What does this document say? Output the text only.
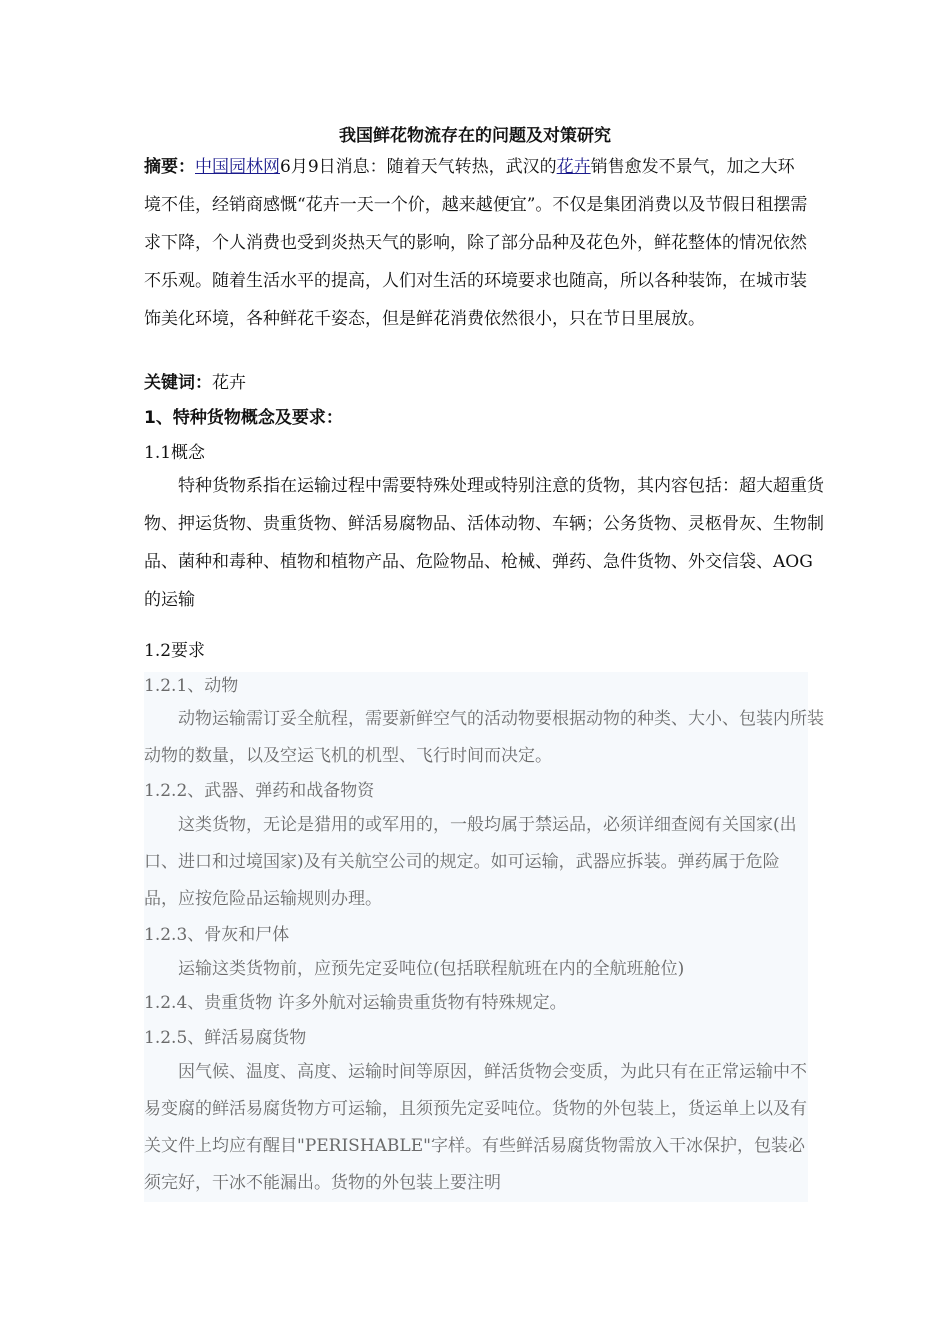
我国鲜花物流存在的问题及对策研究

摘要：中国园林网6月9日消息：随着天气转热，武汉的花卉销售愈发不景气，加之大环境不佳，经销商感慨“花卉一天一个价，越来越便宜”。不仅是集团消费以及节假日租摆需求下降，个人消费也受到炎热天气的影响，除了部分品种及花色外，鲜花整体的情况依然不乐观。随着生活水平的提高，人们对生活的环境要求也随高，所以各种装饰，在城市装饰美化环境，各种鲜花千姿态，但是鲜花消费依然很小，只在节日里展放。

关键词：花卉

1、特种货物概念及要求：

1.1概念

特种货物系指在运输过程中需要特殊处理或特别注意的货物，其内容包括：超大超重货物、押运货物、贵重货物、鲜活易腐物品、活体动物、车辆；公务货物、灵柩骨灰、生物制品、菌种和毒种、植物和植物产品、危险物品、枪械、弹药、急件货物、外交信袋、AOG的运输

1.2要求

1.2.1、动物

动物运输需订妥全航程，需要新鲜空气的活动物要根据动物的种类、大小、包装内所装动物的数量，以及空运飞机的机型、飞行时间而决定。

1.2.2、武器、弹药和战备物资

这类货物，无论是猎用的或军用的，一般均属于禁运品，必须详细查阅有关国家(出口、进口和过境国家)及有关航空公司的规定。如可运输，武器应拆装。弹药属于危险品，应按危险品运输规则办理。

1.2.3、骨灰和尸体

运输这类货物前，应预先定妥吨位(包括联程航班在内的全航班舱位)

1.2.4、贵重货物 许多外航对运输贵重货物有特殊规定。

1.2.5、鲜活易腐货物

因气候、温度、高度、运输时间等原因，鲜活货物会变质，为此只有在正常运输中不易变腐的鲜活易腐货物方可运输，且须预先定妥吨位。货物的外包装上，货运单上以及有关文件上均应有醒目"PERISHABLE"字样。有些鲜活易腐货物需放入干冰保护，包装必须完好，干冰不能漏出。货物的外包装上要注明
